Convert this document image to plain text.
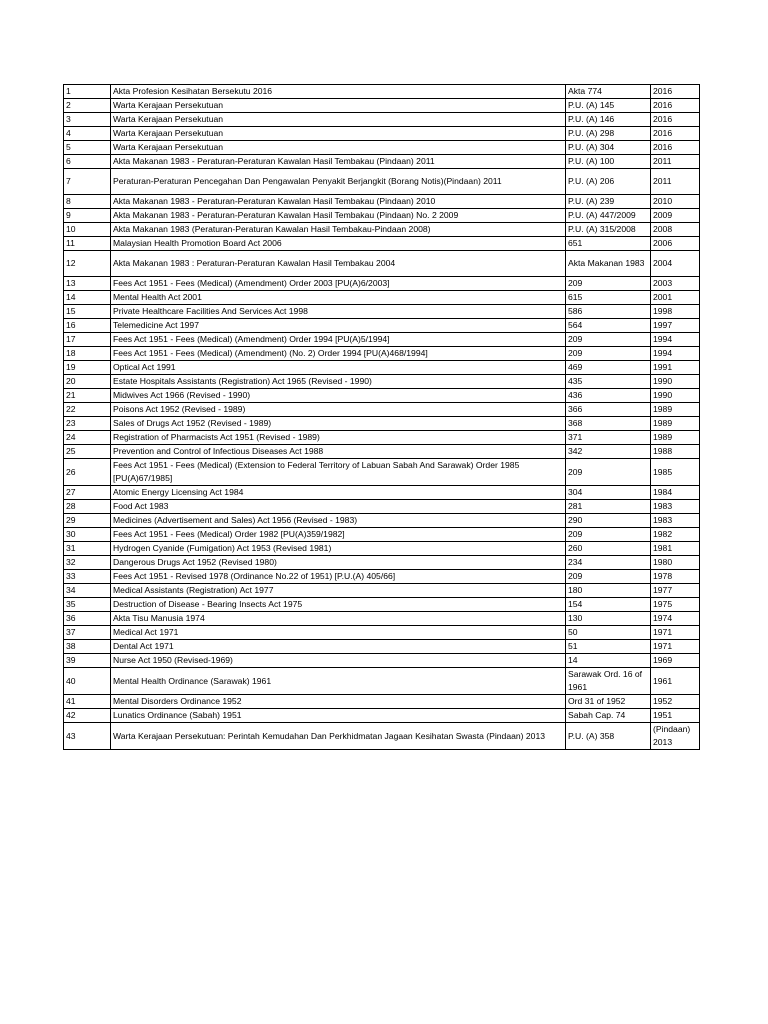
1	Akta Profesion Kesihatan Bersekutu 2016	Akta 774	2016

2	Warta Kerajaan Persekutuan	P.U. (A) 145	2016

3	Warta Kerajaan Persekutuan	P.U. (A) 146	2016

4	Warta Kerajaan Persekutuan	P.U. (A) 298	2016

5	Warta Kerajaan Persekutuan	P.U. (A) 304	2016

6	Akta Makanan 1983 - Peraturan-Peraturan Kawalan Hasil Tembakau (Pindaan) 2011	P.U. (A) 100	2011

7	Peraturan-Peraturan Pencegahan Dan Pengawalan Penyakit Berjangkit (Borang Notis)(Pindaan) 2011	P.U. (A) 206	2011

8	Akta Makanan 1983 - Peraturan-Peraturan Kawalan Hasil Tembakau (Pindaan) 2010	P.U. (A) 239	2010

9	Akta Makanan 1983 - Peraturan-Peraturan Kawalan Hasil Tembakau (Pindaan) No. 2 2009	P.U. (A) 447/2009	2009

10	Akta Makanan 1983 (Peraturan-Peraturan Kawalan Hasil Tembakau-Pindaan 2008)	P.U. (A) 315/2008	2008

11	Malaysian Health Promotion Board Act 2006	651	2006

12	Akta Makanan 1983 : Peraturan-Peraturan Kawalan Hasil Tembakau 2004	Akta Makanan 1983	2004

13	Fees Act 1951 - Fees (Medical) (Amendment) Order 2003 [PU(A)6/2003]	209	2003

14	Mental Health Act 2001	615	2001

15	Private Healthcare Facilities And Services Act 1998	586	1998

16	Telemedicine Act 1997	564	1997

17	Fees Act 1951 - Fees (Medical) (Amendment) Order 1994 [PU(A)5/1994]	209	1994

18	Fees Act 1951 - Fees (Medical) (Amendment) (No. 2) Order 1994 [PU(A)468/1994]	209	1994

19	Optical Act 1991	469	1991

20	Estate Hospitals Assistants (Registration) Act 1965 (Revised - 1990)	435	1990

21	Midwives Act 1966 (Revised - 1990)	436	1990

22	Poisons Act 1952 (Revised - 1989)	366	1989

23	Sales of Drugs Act 1952 (Revised - 1989)	368	1989

24	Registration of Pharmacists Act 1951 (Revised - 1989)	371	1989

25	Prevention and Control of Infectious Diseases Act 1988	342	1988

26	Fees Act 1951 - Fees (Medical) (Extension to Federal Territory of Labuan Sabah And Sarawak) Order 1985 [PU(A)67/1985]	209	1985

27	Atomic Energy Licensing Act 1984	304	1984

28	Food Act 1983	281	1983

29	Medicines (Advertisement and Sales) Act 1956 (Revised - 1983)	290	1983

30	Fees Act 1951 - Fees (Medical) Order 1982 [PU(A)359/1982]	209	1982

31	Hydrogen Cyanide (Fumigation) Act 1953 (Revised 1981)	260	1981

32	Dangerous Drugs Act 1952 (Revised 1980)	234	1980

33	Fees Act 1951 - Revised 1978 (Ordinance No.22 of 1951) [P.U.(A) 405/66]	209	1978

34	Medical Assistants (Registration) Act 1977	180	1977

35	Destruction of Disease - Bearing Insects Act 1975	154	1975

36	Akta Tisu Manusia 1974	130	1974

37	Medical Act 1971	50	1971

38	Dental Act 1971	51	1971

39	Nurse Act 1950 (Revised-1969)	14	1969

40	Mental Health Ordinance (Sarawak) 1961	Sarawak Ord. 16 of 1961	1961

41	Mental Disorders Ordinance 1952	Ord 31 of 1952	1952

42	Lunatics Ordinance (Sabah) 1951	Sabah Cap. 74	1951

43	Warta Kerajaan Persekutuan: Perintah Kemudahan Dan Perkhidmatan Jagaan Kesihatan Swasta (Pindaan) 2013	P.U. (A) 358	(Pindaan) 2013
